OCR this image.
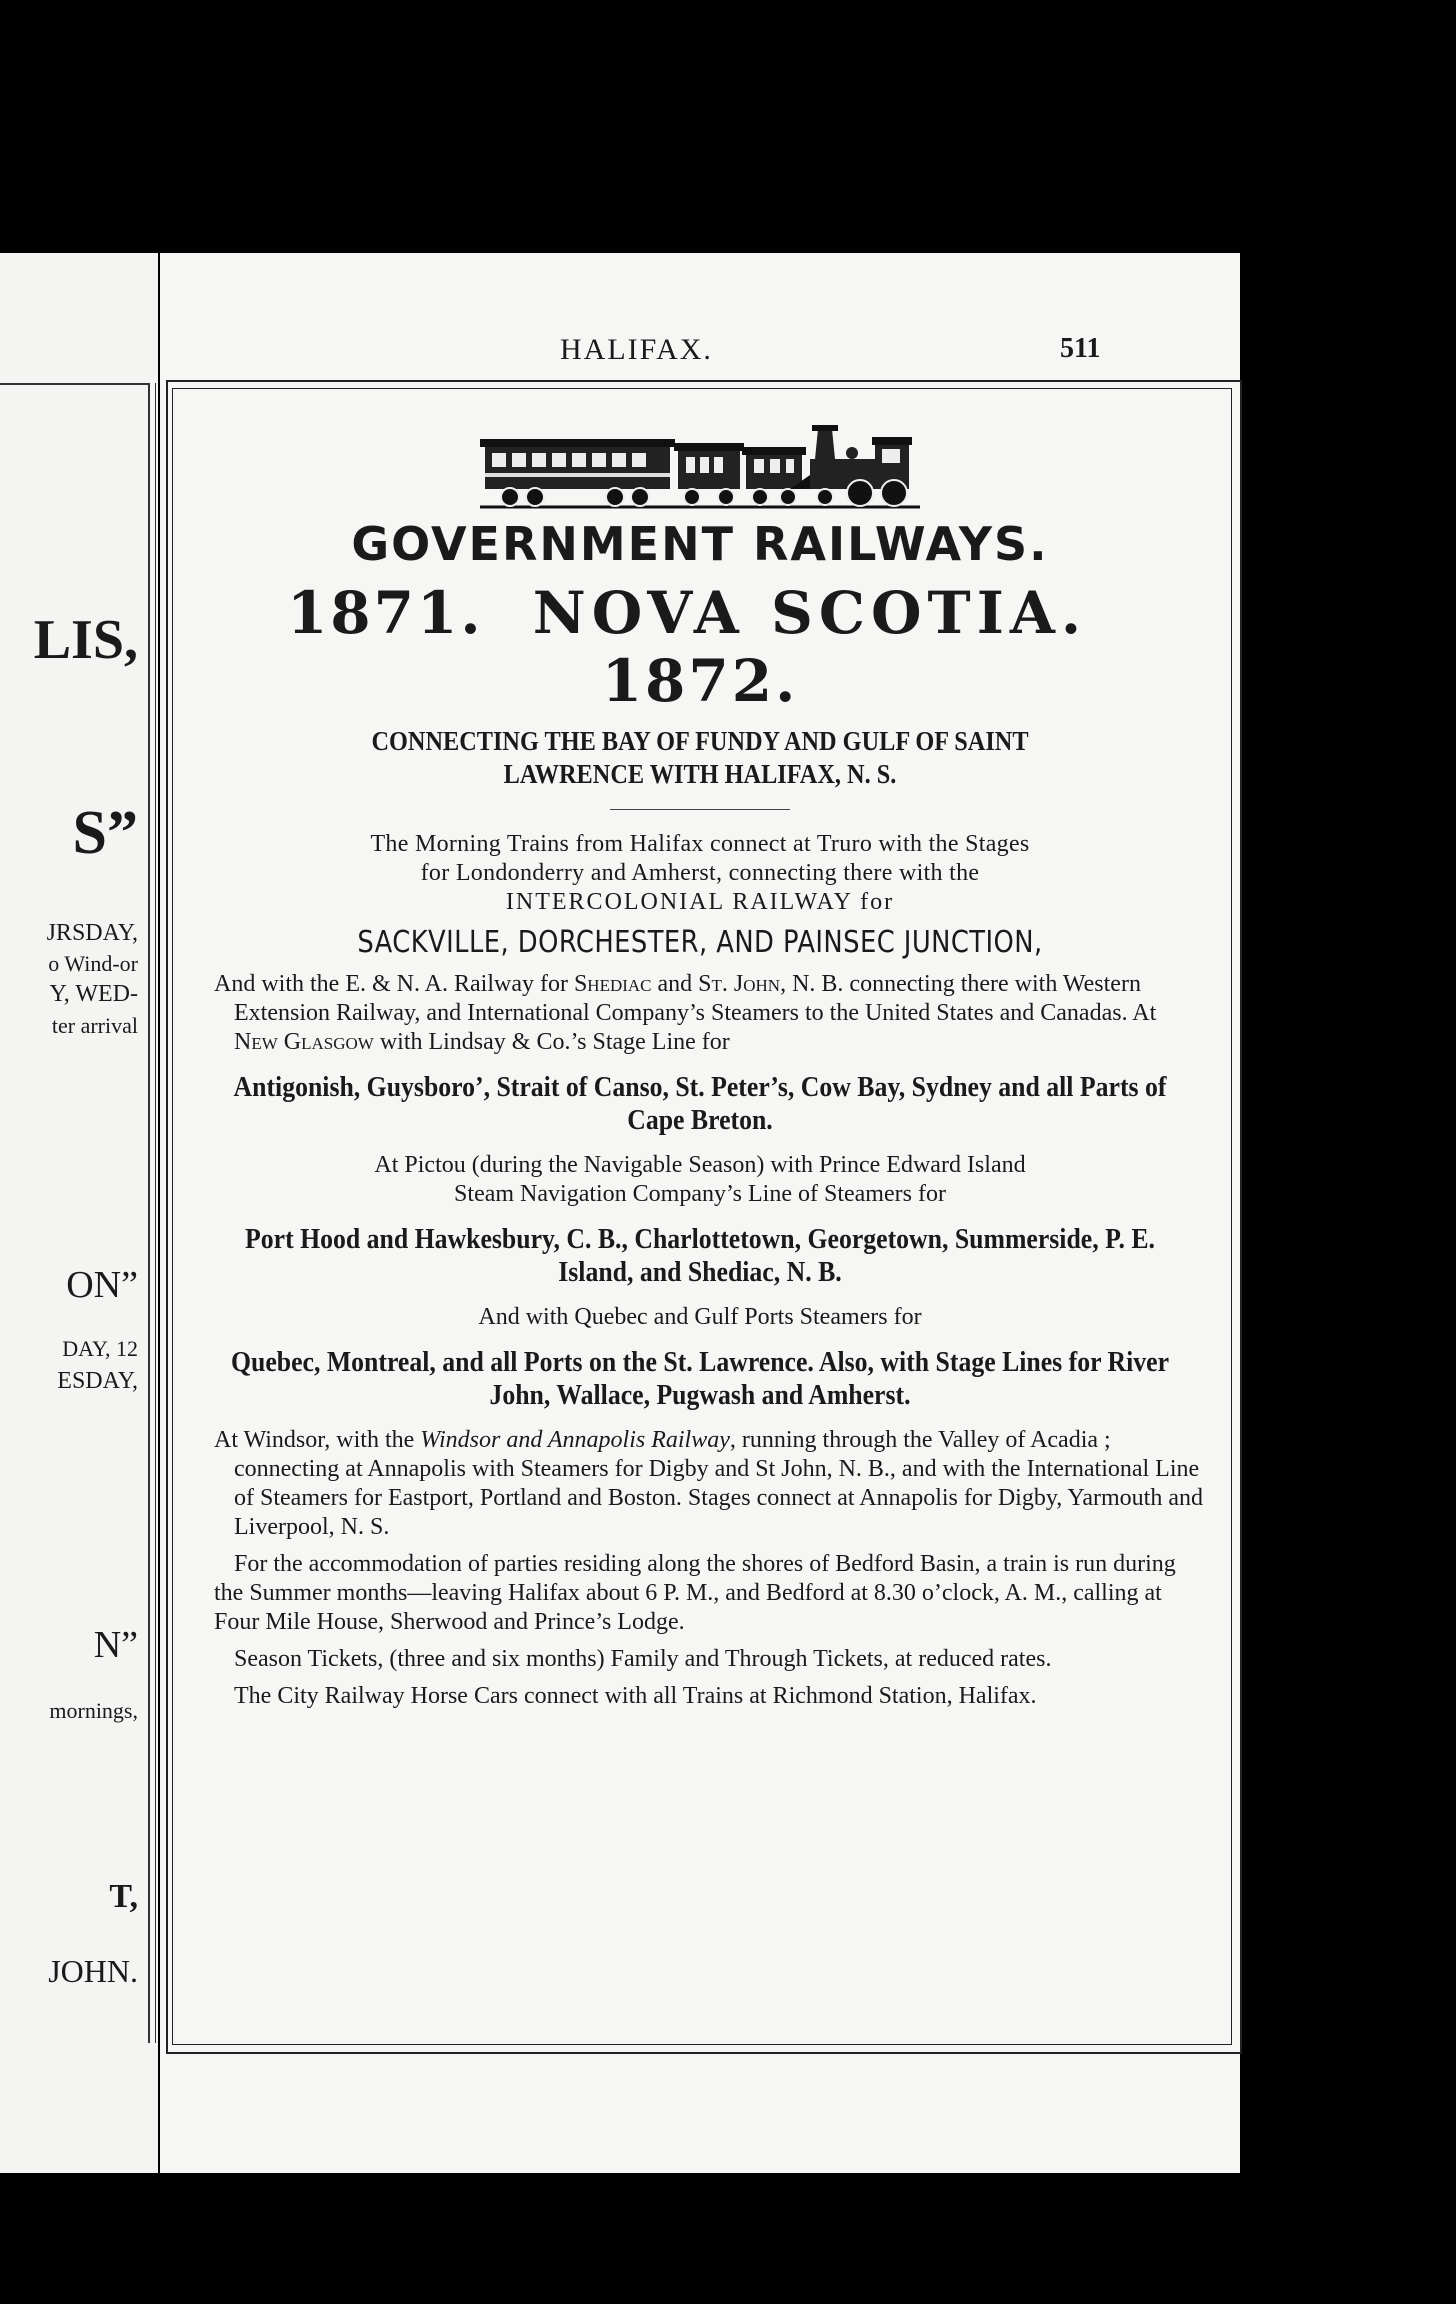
LIS,
S”
JRSDAY,
o Wind-or
Y, WED-
ter arrival
ON”
DAY, 12
ESDAY,
N”
mornings,
T,
JOHN.
HALIFAX.	511
GOVERNMENT RAILWAYS.
1871. NOVA SCOTIA. 1872.
CONNECTING THE BAY OF FUNDY AND GULF OF SAINT
LAWRENCE WITH HALIFAX, N. S.
The Morning Trains from Halifax connect at Truro with the Stages
for Londonderry and Amherst, connecting there with the
INTERCOLONIAL RAILWAY for
SACKVILLE, DORCHESTER, AND PAINSEC JUNCTION,

And with the E. & N. A. Railway for Shediac and St. John, N. B. connecting there with Western Extension Railway, and International Company’s Steamers to the United States and Canadas. At New Glasgow with Lindsay & Co.’s Stage Line for

Antigonish, Guysboro’, Strait of Canso, St. Peter’s, Cow Bay, Sydney and all Parts of Cape Breton.

At Pictou (during the Navigable Season) with Prince Edward Island
Steam Navigation Company’s Line of Steamers for

Port Hood and Hawkesbury, C. B., Charlottetown, Georgetown, Summerside, P. E. Island, and Shediac, N. B.

And with Quebec and Gulf Ports Steamers for

Quebec, Montreal, and all Ports on the St. Lawrence. Also, with Stage Lines for River John, Wallace, Pugwash and Amherst.

At Windsor, with the Windsor and Annapolis Railway, running through the Valley of Acadia ; connecting at Annapolis with Steamers for Digby and St John, N. B., and with the International Line of Steamers for Eastport, Portland and Boston. Stages connect at Annapolis for Digby, Yarmouth and Liverpool, N. S.

For the accommodation of parties residing along the shores of Bedford Basin, a train is run during the Summer months—leaving Halifax about 6 P. M., and Bedford at 8.30 o’clock, A. M., calling at Four Mile House, Sherwood and Prince’s Lodge.

Season Tickets, (three and six months) Family and Through Tickets, at reduced rates.

The City Railway Horse Cars connect with all Trains at Richmond Station, Halifax.
